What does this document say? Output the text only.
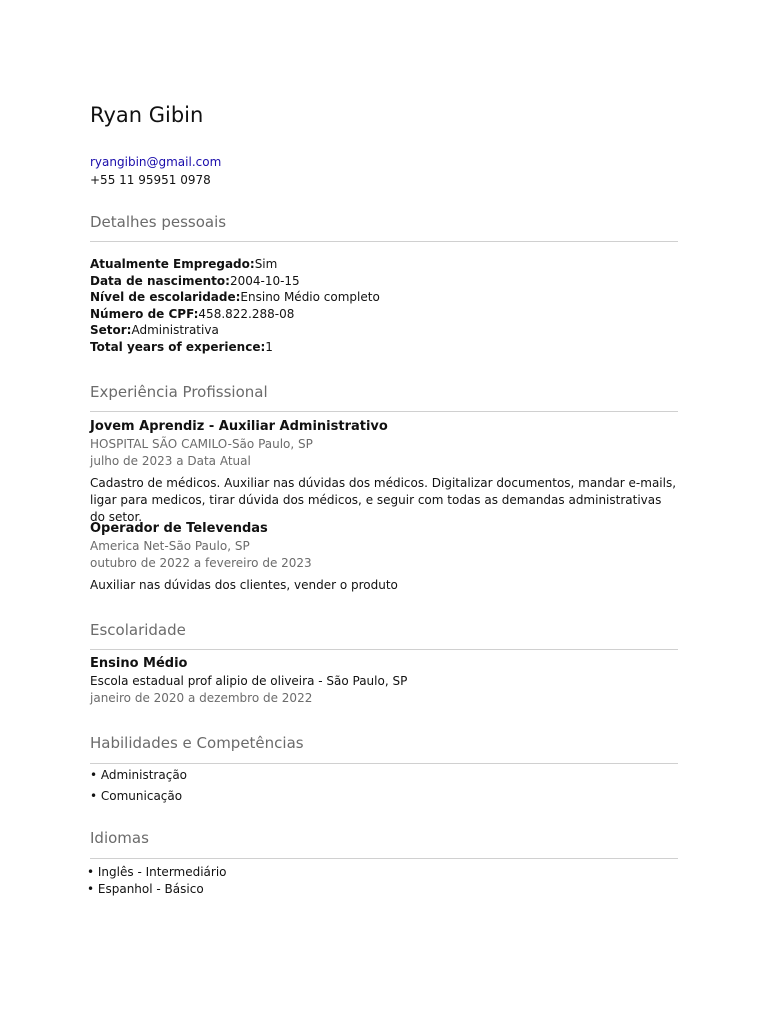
Ryan Gibin
ryangibin@gmail.com
+55 11 95951 0978
Detalhes pessoais
Atualmente Empregado:Sim
Data de nascimento:2004-10-15
Nível de escolaridade:Ensino Médio completo
Número de CPF:458.822.288-08
Setor:Administrativa
Total years of experience:1
Experiência Profissional
Jovem Aprendiz - Auxiliar Administrativo
HOSPITAL SÃO CAMILO-São Paulo, SP
julho de 2023 a Data Atual
Cadastro de médicos. Auxiliar nas dúvidas dos médicos. Digitalizar documentos, mandar e-mails, ligar para medicos, tirar dúvida dos médicos, e seguir com todas as demandas administrativas do setor.
Operador de Televendas
America Net-São Paulo, SP
outubro de 2022 a fevereiro de 2023
Auxiliar nas dúvidas dos clientes, vender o produto
Escolaridade
Ensino Médio
Escola estadual prof alipio de oliveira - São Paulo, SP
janeiro de 2020 a dezembro de 2022
Habilidades e Competências
• Administração
• Comunicação
Idiomas
• Inglês - Intermediário
• Espanhol - Básico
